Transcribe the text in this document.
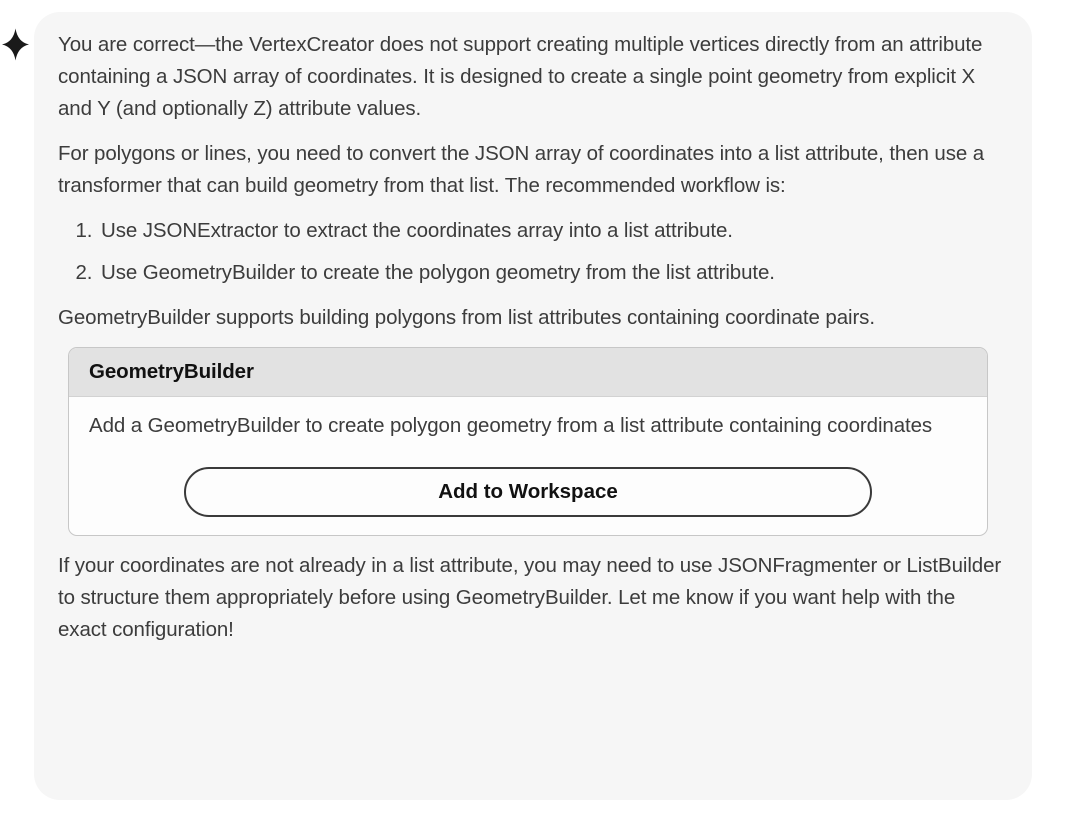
You are correct—the VertexCreator does not support creating multiple vertices directly from an attribute containing a JSON array of coordinates. It is designed to create a single point geometry from explicit X and Y (and optionally Z) attribute values.

For polygons or lines, you need to convert the JSON array of coordinates into a list attribute, then use a transformer that can build geometry from that list. The recommended workflow is:

1. Use JSONExtractor to extract the coordinates array into a list attribute.
2. Use GeometryBuilder to create the polygon geometry from the list attribute.

GeometryBuilder supports building polygons from list attributes containing coordinate pairs.

GeometryBuilder

Add a GeometryBuilder to create polygon geometry from a list attribute containing coordinates

Add to Workspace

If your coordinates are not already in a list attribute, you may need to use JSONFragmenter or ListBuilder to structure them appropriately before using GeometryBuilder. Let me know if you want help with the exact configuration!
